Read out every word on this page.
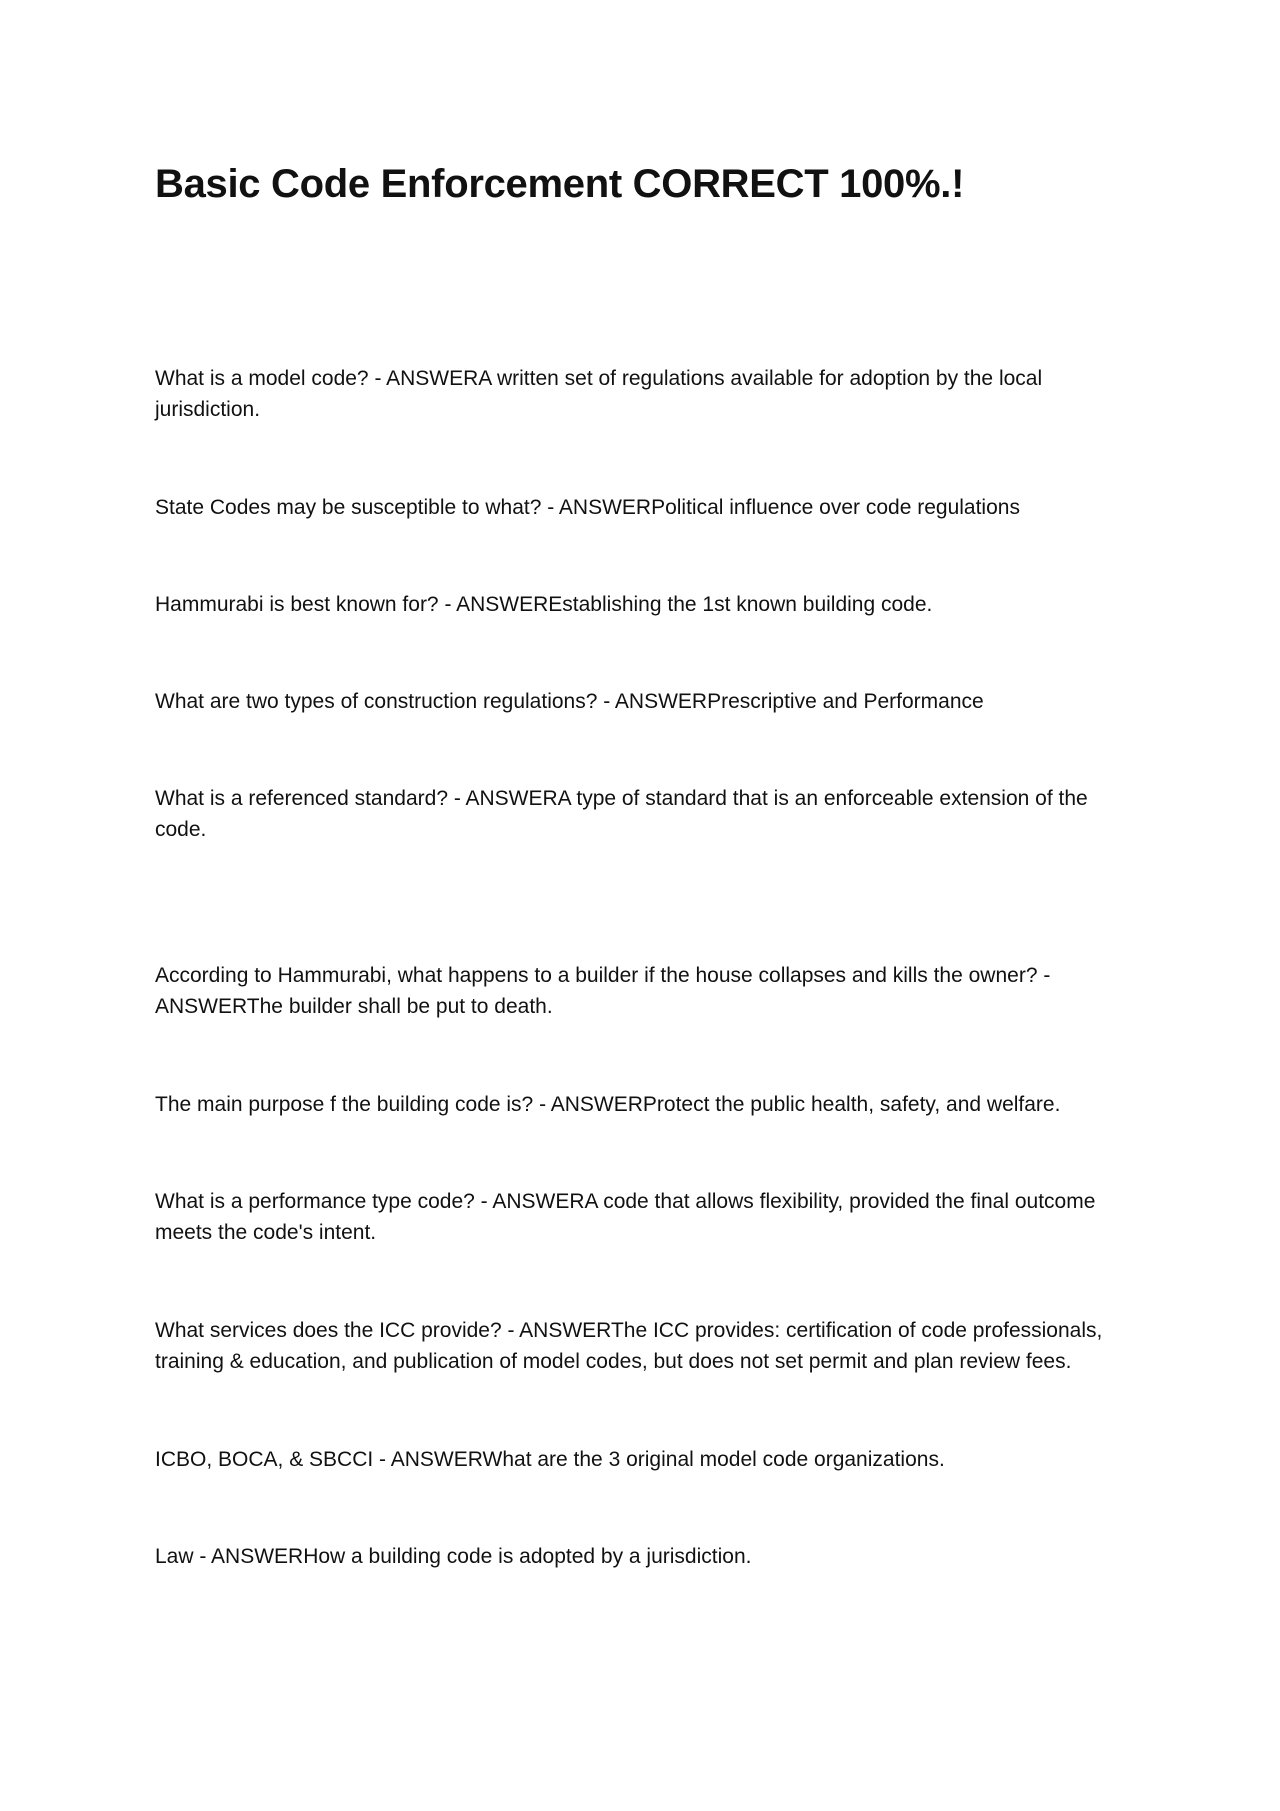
Basic Code Enforcement CORRECT 100%.!

What is a model code? - ANSWERA written set of regulations available for adoption by the local jurisdiction.

State Codes may be susceptible to what? - ANSWERPolitical influence over code regulations

Hammurabi is best known for? - ANSWEREstablishing the 1st known building code.

What are two types of construction regulations? - ANSWERPrescriptive and Performance

What is a referenced standard? - ANSWERA type of standard that is an enforceable extension of the code.

According to Hammurabi, what happens to a builder if the house collapses and kills the owner? - ANSWERThe builder shall be put to death.

The main purpose f the building code is? - ANSWERProtect the public health, safety, and welfare.

What is a performance type code? - ANSWERA code that allows flexibility, provided the final outcome meets the code's intent.

What services does the ICC provide? - ANSWERThe ICC provides: certification of code professionals, training & education, and publication of model codes, but does not set permit and plan review fees.

ICBO, BOCA, & SBCCI - ANSWERWhat are the 3 original model code organizations.

Law - ANSWERHow a building code is adopted by a jurisdiction.
